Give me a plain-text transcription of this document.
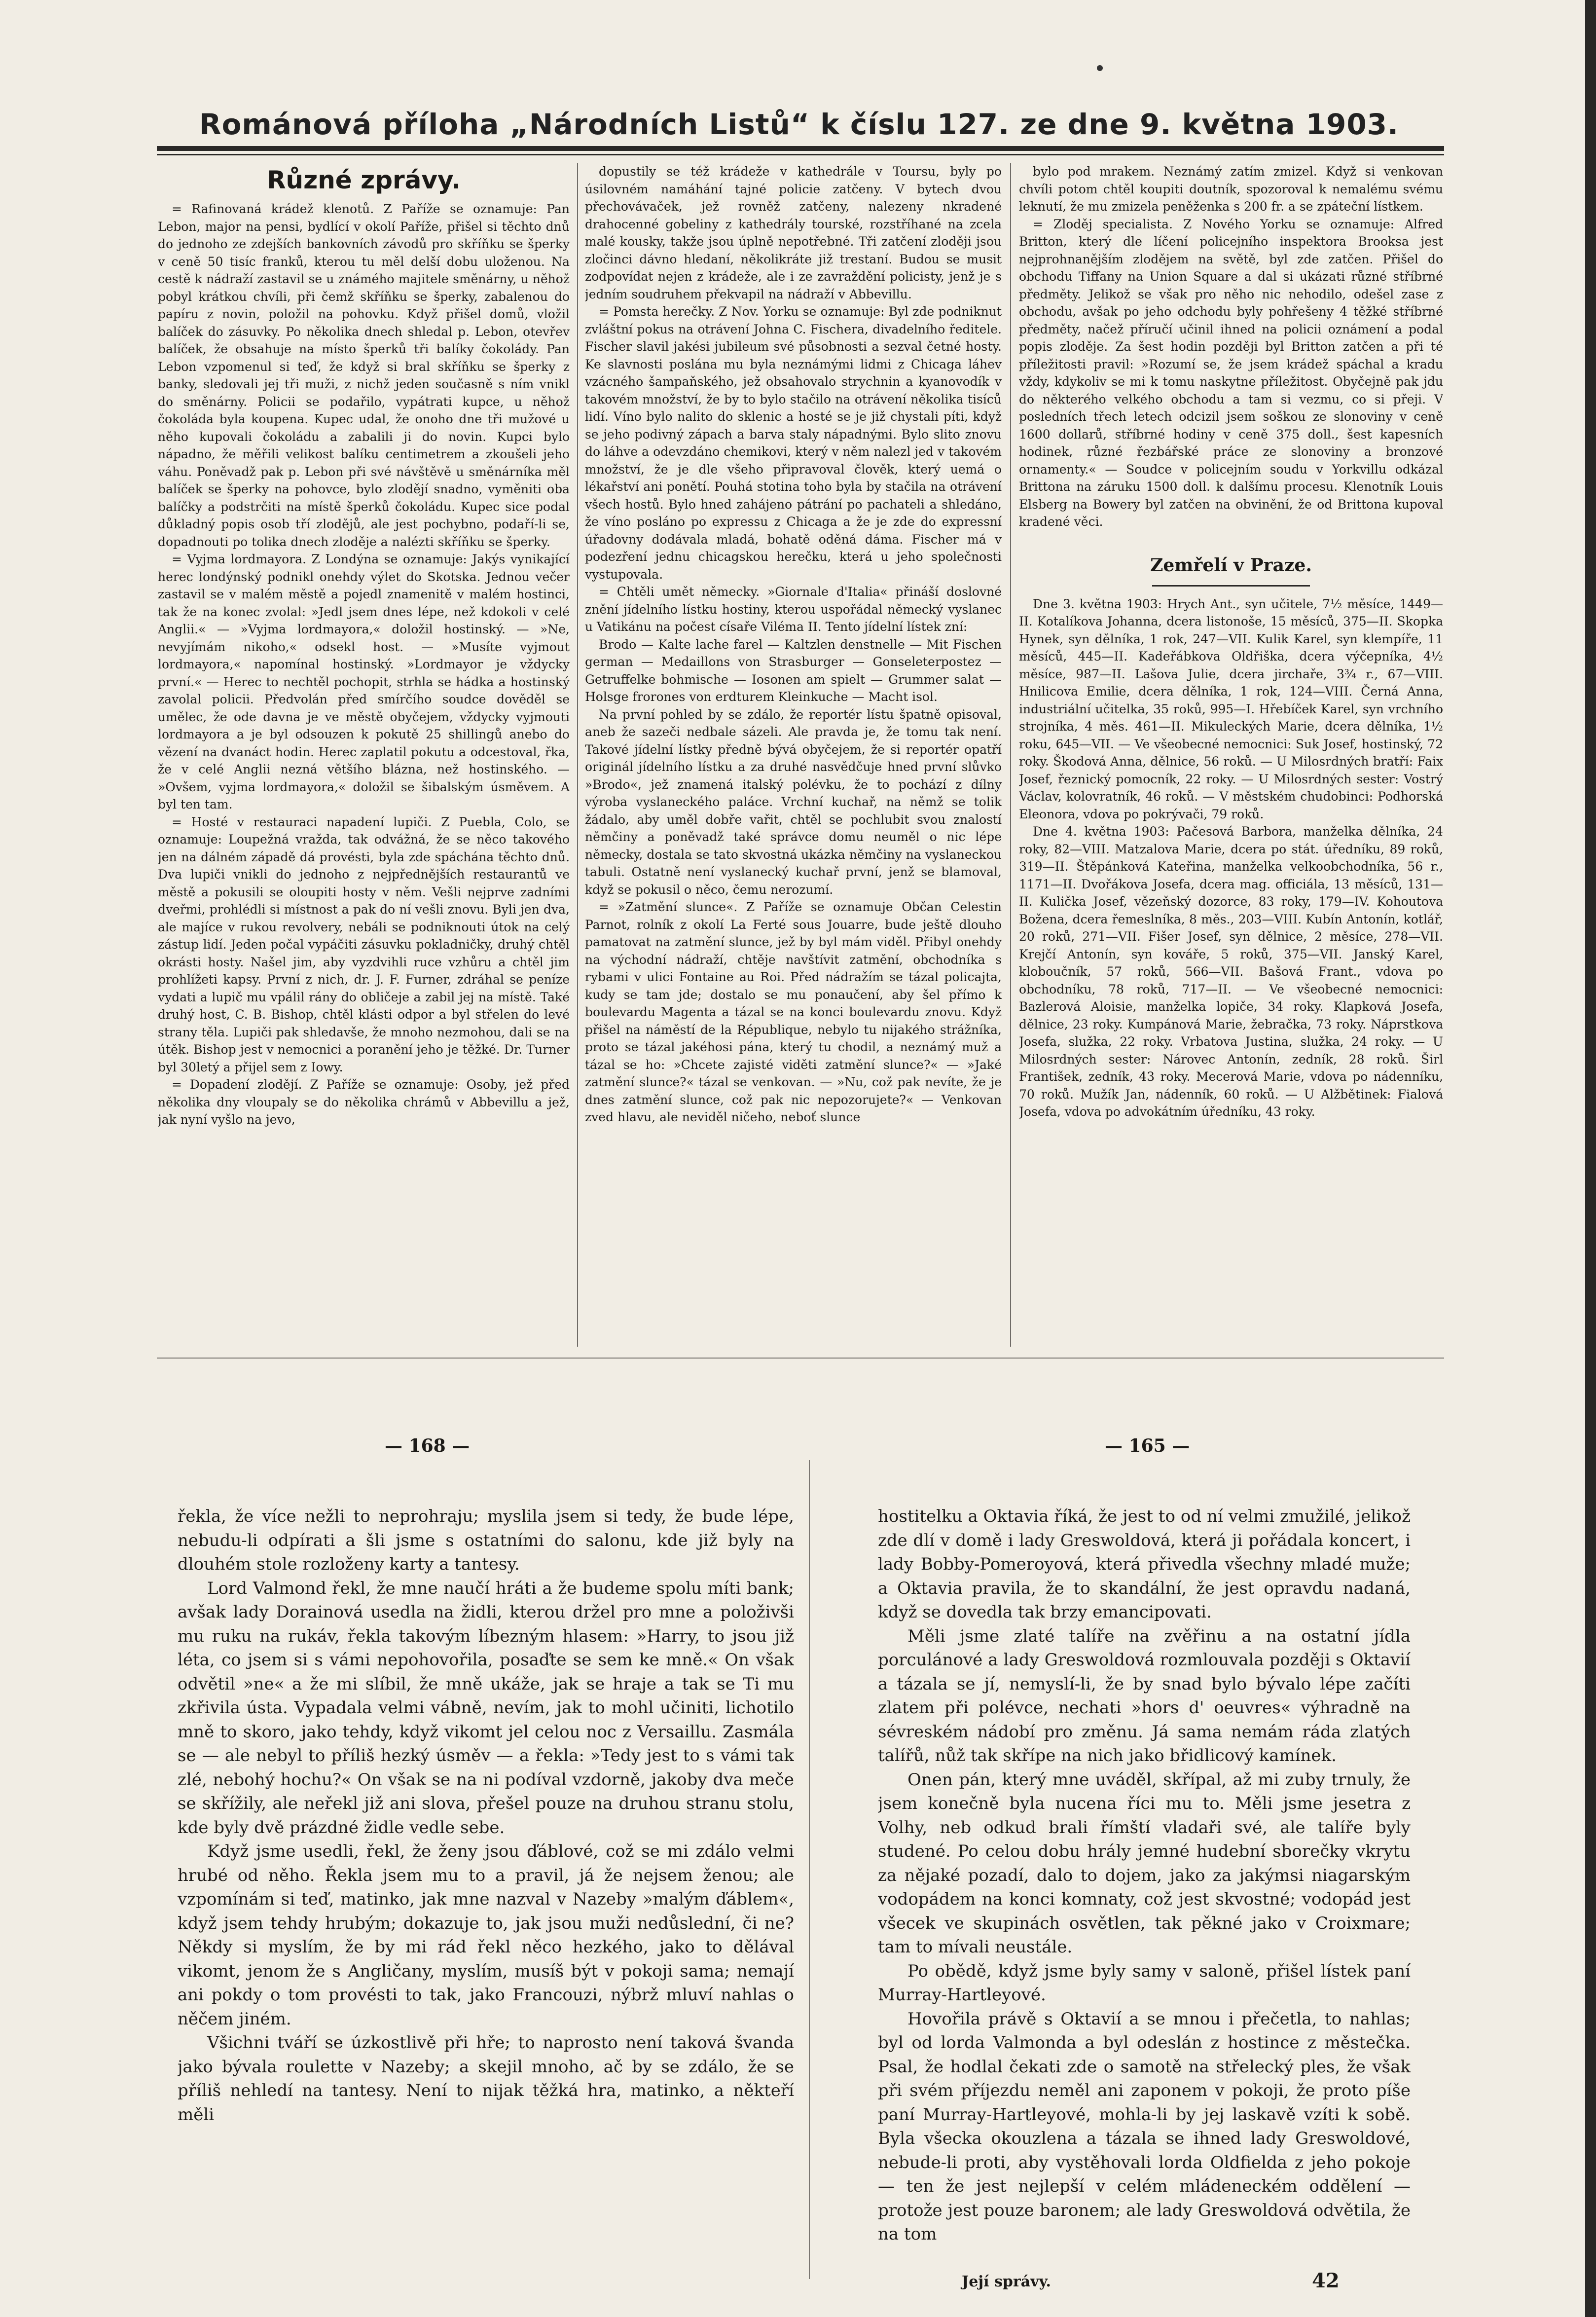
Románová příloha „Národních Listů“ k číslu 127. ze dne 9. května 1903.
Různé zprávy.

= Rafinovaná krádež klenotů. Z Paříže se oznamuje: Pan Lebon, major na pensi, bydlící v okolí Paříže, přišel si těchto dnů do jednoho ze zdejších bankovních závodů pro skříňku se šperky v ceně 50 tisíc franků, kterou tu měl delší dobu uloženou. Na cestě k nádraží zastavil se u známého majitele směnárny, u něhož pobyl krátkou chvíli, při čemž skříňku se šperky, zabalenou do papíru z novin, položil na pohovku. Když přišel domů, vložil balíček do zásuvky. Po několika dnech shledal p. Lebon, otevřev balíček, že obsahuje na místo šperků tři balíky čokolády. Pan Lebon vzpomenul si teď, že když si bral skříňku se šperky z banky, sledovali jej tři muži, z nichž jeden současně s ním vnikl do směnárny. Policii se podařilo, vypátrati kupce, u něhož čokoláda byla koupena. Kupec udal, že onoho dne tři mužové u něho kupovali čokoládu a zabalili ji do novin. Kupci bylo nápadno, že měřili velikost balíku centimetrem a zkoušeli jeho váhu. Poněvadž pak p. Lebon při své návštěvě u směnárníka měl balíček se šperky na pohovce, bylo zlodějí snadno, vyměniti oba balíčky a podstrčiti na místě šperků čokoládu. Kupec sice podal důkladný popis osob tří zlodějů, ale jest pochybno, podaří-li se, dopadnouti po tolika dnech zloděje a nalézti skříňku se šperky.

= Vyjma lordmayora. Z Londýna se oznamuje: Jakýs vynikající herec londýnský podnikl onehdy výlet do Skotska. Jednou večer zastavil se v malém městě a pojedl znamenitě v malém hostinci, tak že na konec zvolal: »Jedl jsem dnes lépe, než kdokoli v celé Anglii.« — »Vyjma lordmayora,« doložil hostinský. — »Ne, nevyjímám nikoho,« odsekl host. — »Musíte vyjmout lordmayora,« napomínal hostinský. »Lordmayor je vždycky první.« — Herec to nechtěl pochopit, strhla se hádka a hostinský zavolal policii. Předvolán před smírčího soudce dověděl se umělec, že ode davna je ve městě obyčejem, vždycky vyjmouti lordmayora a je byl odsouzen k pokutě 25 shillingů anebo do vězení na dvanáct hodin. Herec zaplatil pokutu a odcestoval, řka, že v celé Anglii nezná většího blázna, než hostinského. — »Ovšem, vyjma lordmayora,« doložil se šibalským úsměvem. A byl ten tam.

= Hosté v restauraci napadení lupiči. Z Puebla, Colo, se oznamuje: Loupežná vražda, tak odvážná, že se něco takového jen na dálném západě dá provésti, byla zde spáchána těchto dnů. Dva lupiči vnikli do jednoho z nejpřednějších restaurantů ve městě a pokusili se oloupiti hosty v něm. Vešli nejprve zadními dveřmi, prohlédli si místnost a pak do ní vešli znovu. Byli jen dva, ale majíce v rukou revolvery, nebáli se podniknouti útok na celý zástup lidí. Jeden počal vypáčiti zásuvku pokladničky, druhý chtěl okrásti hosty. Našel jim, aby vyzdvihli ruce vzhůru a chtěl jim prohlížeti kapsy. První z nich, dr. J. F. Furner, zdráhal se peníze vydati a lupič mu vpálil rány do obličeje a zabil jej na místě. Také druhý host, C. B. Bishop, chtěl klásti odpor a byl střelen do levé strany těla. Lupiči pak shledavše, že mnoho nezmohou, dali se na útěk. Bishop jest v nemocnici a poranění jeho je těžké. Dr. Turner byl 30letý a přijel sem z Iowy.

= Dopadení zlodějí. Z Paříže se oznamuje: Osoby, jež před několika dny vloupaly se do několika chrámů v Abbevillu a jež, jak nyní vyšlo na jevo,

dopustily se též krádeže v kathedrále v Toursu, byly po úsilovném namáhání tajné policie zatčeny. V bytech dvou přechovávaček, jež rovněž zatčeny, nalezeny nkradené drahocenné gobeliny z kathedrály tourské, rozstříhané na zcela malé kousky, takže jsou úplně nepotřebné. Tři zatčení zloději jsou zločinci dávno hledaní, několikráte již trestaní. Budou se musit zodpovídat nejen z krádeže, ale i ze zavraždění policisty, jenž je s jedním soudruhem překvapil na nádraží v Abbevillu.

= Pomsta herečky. Z Nov. Yorku se oznamuje: Byl zde podniknut zvláštní pokus na otrávení Johna C. Fischera, divadelního ředitele. Fischer slavil jakési jubileum své působnosti a sezval četné hosty. Ke slavnosti poslána mu byla neznámými lidmi z Chicaga láhev vzácného šampaňského, jež obsahovalo strychnin a kyanovodík v takovém množství, že by to bylo stačilo na otrávení několika tisíců lidí. Víno bylo nalito do sklenic a hosté se je již chystali píti, když se jeho podivný zápach a barva staly nápadnými. Bylo slito znovu do láhve a odevzdáno chemikovi, který v něm nalezl jed v takovém množství, že je dle všeho připravoval člověk, který uemá o lékařství ani ponětí. Pouhá stotina toho byla by stačila na otrávení všech hostů. Bylo hned zahájeno pátrání po pachateli a shledáno, že víno posláno po expressu z Chicaga a že je zde do expressní úřadovny dodávala mladá, bohatě oděná dáma. Fischer má v podezření jednu chicagskou herečku, která u jeho společnosti vystupovala.

= Chtěli umět německy. »Giornale d'Italia« přináší doslovné znění jídelního lístku hostiny, kterou uspořádal německý vyslanec u Vatikánu na počest císaře Viléma II. Tento jídelní lístek zní:

Brodo — Kalte lache farel — Kaltzlen denstnelle — Mit Fischen german — Medaillons von Strasburger — Gonseleterpostez — Getruffelke bohmische — Iosonen am spielt — Grummer salat — Holsge frorones von erdturem Kleinkuche — Macht isol.

Na první pohled by se zdálo, že reportér lístu špatně opisoval, aneb že sazeči nedbale sázeli. Ale pravda je, že tomu tak není. Takové jídelní lístky předně bývá obyčejem, že si reportér opatří originál jídelního lístku a za druhé nasvědčuje hned první slůvko »Brodo«, jež znamená italský polévku, že to pochází z dílny výroba vyslaneckého paláce. Vrchní kuchař, na němž se tolik žádalo, aby uměl dobře vařit, chtěl se pochlubit svou znalostí němčiny a poněvadž také správce domu neuměl o nic lépe německy, dostala se tato skvostná ukázka němčiny na vyslaneckou tabuli. Ostatně není vyslanecký kuchař první, jenž se blamoval, když se pokusil o něco, čemu nerozumí.

= »Zatmění slunce«. Z Paříže se oznamuje Občan Celestin Parnot, rolník z okolí La Ferté sous Jouarre, bude ještě dlouho pamatovat na zatmění slunce, jež by byl mám viděl. Přibyl onehdy na východní nádraží, chtěje navštívit zatmění, obchodníka s rybami v ulici Fontaine au Roi. Před nádražím se tázal policajta, kudy se tam jde; dostalo se mu ponaučení, aby šel přímo k boulevardu Magenta a tázal se na konci boulevardu znovu. Když přišel na náměstí de la République, nebylo tu nijakého strážníka, proto se tázal jakéhosi pána, který tu chodil, a neznámý muž a tázal se ho: »Chcete zajisté viděti zatmění slunce?« — »Jaké zatmění slunce?« tázal se venkovan. — »Nu, což pak nevíte, že je dnes zatmění slunce, což pak nic nepozorujete?« — Venkovan zved hlavu, ale neviděl ničeho, neboť slunce

bylo pod mrakem. Neznámý zatím zmizel. Když si venkovan chvíli potom chtěl koupiti doutník, spozoroval k nemalému svému leknutí, že mu zmizela peněženka s 200 fr. a se zpáteční lístkem.

= Zloděj specialista. Z Nového Yorku se oznamuje: Alfred Britton, který dle líčení policejního inspektora Brooksa jest nejprohnanějším zlodějem na světě, byl zde zatčen. Přišel do obchodu Tiffany na Union Square a dal si ukázati různé stříbrné předměty. Jelikož se však pro něho nic nehodilo, odešel zase z obchodu, avšak po jeho odchodu byly pohřešeny 4 těžké stříbrné předměty, načež příručí učinil ihned na policii oznámení a podal popis zloděje. Za šest hodin později byl Britton zatčen a při té příležitosti pravil: »Rozumí se, že jsem krádež spáchal a kradu vždy, kdykoliv se mi k tomu naskytne příležitost. Obyčejně pak jdu do některého velkého obchodu a tam si vezmu, co si přeji. V posledních třech letech odcizil jsem soškou ze slonoviny v ceně 1600 dollarů, stříbrné hodiny v ceně 375 doll., šest kapesních hodinek, různé řezbářské práce ze slonoviny a bronzové ornamenty.« — Soudce v policejním soudu v Yorkvillu odkázal Brittona na záruku 1500 doll. k dalšímu procesu. Klenotník Louis Elsberg na Bowery byl zatčen na obvinění, že od Brittona kupoval kradené věci.

Zemřelí v Praze.

Dne 3. května 1903: Hrych Ant., syn učitele, 7½ měsíce, 1449—II. Kotalíkova Johanna, dcera listonoše, 15 měsíců, 375—II. Skopka Hynek, syn dělníka, 1 rok, 247—VII. Kulik Karel, syn klempíře, 11 měsíců, 445—II. Kadeřábkova Oldřiška, dcera výčepníka, 4½ měsíce, 987—II. Lašova Julie, dcera jirchaře, 3¾ r., 67—VIII. Hnilicova Emilie, dcera dělníka, 1 rok, 124—VIII. Černá Anna, industriální učitelka, 35 roků, 995—I. Hřebíček Karel, syn vrchního strojníka, 4 měs. 461—II. Mikuleckých Marie, dcera dělníka, 1½ roku, 645—VII. — Ve všeobecné nemocnici: Suk Josef, hostinský, 72 roky. Škodová Anna, dělnice, 56 roků. — U Milosrdných bratří: Faix Josef, řeznický pomocník, 22 roky. — U Milosrdných sester: Vostrý Václav, kolovratník, 46 roků. — V městském chudobinci: Podhorská Eleonora, vdova po pokrývači, 79 roků.

Dne 4. května 1903: Pačesová Barbora, manželka dělníka, 24 roky, 82—VIII. Matzalova Marie, dcera po stát. úředníku, 89 roků, 319—II. Štěpánková Kateřina, manželka velkoobchodníka, 56 r., 1171—II. Dvořákova Josefa, dcera mag. officiála, 13 měsíců, 131—II. Kulička Josef, vězeňský dozorce, 83 roky, 179—IV. Kohoutova Božena, dcera řemeslníka, 8 měs., 203—VIII. Kubín Antonín, kotlář, 20 roků, 271—VII. Fišer Josef, syn dělnice, 2 měsíce, 278—VII. Krejčí Antonín, syn kováře, 5 roků, 375—VII. Janský Karel, kloboučník, 57 roků, 566—VII. Bašová Frant., vdova po obchodníku, 78 roků, 717—II. — Ve všeobecné nemocnici: Bazlerová Aloisie, manželka lopiče, 34 roky. Klapková Josefa, dělnice, 23 roky. Kumpánová Marie, žebračka, 73 roky. Náprstkova Josefa, služka, 22 roky. Vrbatova Justina, služka, 24 roky. — U Milosrdných sester: Nárovec Antonín, zedník, 28 roků. Širl František, zedník, 43 roky. Mecerová Marie, vdova po nádenníku, 70 roků. Mužík Jan, nádenník, 60 roků. — U Alžbětinek: Fialová Josefa, vdova po advokátním úředníku, 43 roky.

— 168 —	— 165 —

řekla, že více nežli to neprohraju; myslila jsem si tedy, že bude lépe, nebudu-li odpírati a šli jsme s ostatními do salonu, kde již byly na dlouhém stole rozloženy karty a tantesy.

Lord Valmond řekl, že mne naučí hráti a že budeme spolu míti bank; avšak lady Dorainová usedla na židli, kterou držel pro mne a položivši mu ruku na rukáv, řekla takovým líbezným hlasem: »Harry, to jsou již léta, co jsem si s vámi nepohovořila, posaďte se sem ke mně.« On však odvětil »ne« a že mi slíbil, že mně ukáže, jak se hraje a tak se Ti mu zkřivila ústa. Vypadala velmi vábně, nevím, jak to mohl učiniti, lichotilo mně to skoro, jako tehdy, když vikomt jel celou noc z Versaillu. Zasmála se — ale nebyl to příliš hezký úsměv — a řekla: »Tedy jest to s vámi tak zlé, nebohý hochu?« On však se na ni podíval vzdorně, jakoby dva meče se skřížily, ale neřekl již ani slova, přešel pouze na druhou stranu stolu, kde byly dvě prázdné židle vedle sebe.

Když jsme usedli, řekl, že ženy jsou ďáblové, což se mi zdálo velmi hrubé od něho. Řekla jsem mu to a pravil, já že nejsem ženou; ale vzpomínám si teď, matinko, jak mne nazval v Nazeby »malým ďáblem«, když jsem tehdy hrubým; dokazuje to, jak jsou muži nedůslední, či ne? Někdy si myslím, že by mi rád řekl něco hezkého, jako to dělával vikomt, jenom že s Angličany, myslím, musíš být v pokoji sama; nemají ani pokdy o tom provésti to tak, jako Francouzi, nýbrž mluví nahlas o něčem jiném.

Všichni tváří se úzkostlivě při hře; to naprosto není taková švanda jako bývala roulette v Nazeby; a skejil mnoho, ač by se zdálo, že se příliš nehledí na tantesy. Není to nijak těžká hra, matinko, a někteří měli

hostitelku a Oktavia říká, že jest to od ní velmi zmužilé, jelikož zde dlí v domě i lady Greswoldová, která ji pořádala koncert, i lady Bobby-Pomeroyová, která přivedla všechny mladé muže; a Oktavia pravila, že to skandální, že jest opravdu nadaná, když se dovedla tak brzy emancipovati.

Měli jsme zlaté talíře na zvěřinu a na ostatní jídla porculánové a lady Greswoldová rozmlouvala později s Oktavií a tázala se jí, nemyslí-li, že by snad bylo bývalo lépe začíti zlatem při polévce, nechati »hors d' oeuvres« výhradně na sévreském nádobí pro změnu. Já sama nemám ráda zlatých talířů, nůž tak skřípe na nich jako břidlicový kamínek.

Onen pán, který mne uváděl, skřípal, až mi zuby trnuly, že jsem konečně byla nucena říci mu to. Měli jsme jesetra z Volhy, neb odkud brali římští vladaři své, ale talíře byly studené. Po celou dobu hrály jemné hudební sborečky vkrytu za nějaké pozadí, dalo to dojem, jako za jakýmsi niagarským vodopádem na konci komnaty, což jest skvostné; vodopád jest všecek ve skupinách osvětlen, tak pěkné jako v Croixmare; tam to mívali neustále.

Po obědě, když jsme byly samy v saloně, přišel lístek paní Murray-Hartleyové.

Hovořila právě s Oktavií a se mnou i přečetla, to nahlas; byl od lorda Valmonda a byl odeslán z hostince z městečka. Psal, že hodlal čekati zde o samotě na střelecký ples, že však při svém příjezdu neměl ani zaponem v pokoji, že proto píše paní Murray-Hartleyové, mohla-li by jej laskavě vzíti k sobě. Byla všecka okouzlena a tázala se ihned lady Greswoldové, nebude-li proti, aby vystěhovali lorda Oldfielda z jeho pokoje — ten že jest nejlepší v celém mládeneckém oddělení — protože jest pouze baronem; ale lady Greswoldová odvětila, že na tom

Její správy.	42
